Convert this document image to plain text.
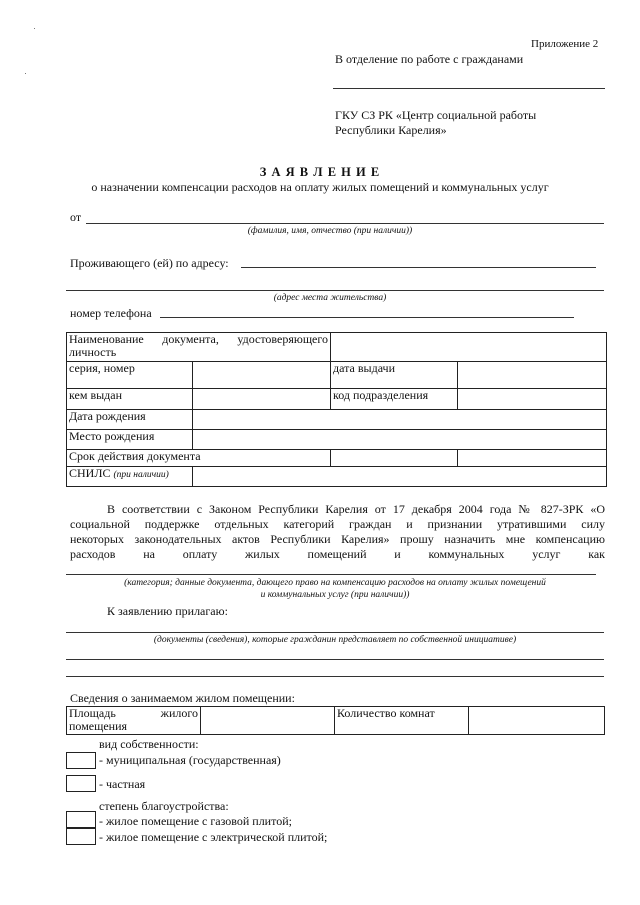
Приложение 2
В отделение по работе с гражданами
ГКУ СЗ РК «Центр социальной работы
Республики Карелия»
З А Я В Л Е Н И Е
о назначении компенсации расходов на оплату жилых помещений и коммунальных услуг
от
(фамилия, имя, отчество (при наличии))
Проживающего (ей) по адресу:
(адрес места жительства)
номер телефона
Наименование документа, удостоверяющего личность			
серия, номер		дата выдачи	
кем выдан		код подразделения	
Дата рождения			
Место рождения			
Срок действия документа			
СНИЛС (при наличии)			
В соответствии с Законом Республики Карелия от 17 декабря 2004 года № 827-ЗРК «О
социальной поддержке отдельных категорий граждан и признании утратившими силу
некоторых законодательных актов Республики Карелия» прошу назначить мне компенсацию
расходов на оплату жилых помещений и коммунальных услуг как
(категория; данные документа, дающего право на компенсацию расходов на оплату жилых помещений
и коммунальных услуг (при наличии))
К заявлению прилагаю:
(документы (сведения), которые гражданин представляет по собственной инициативе)
Сведения о занимаемом жилом помещении:
Площадь жилого помещения		Количество комнат	
вид собственности:
- муниципальная (государственная)
- частная
степень благоустройства:
- жилое помещение с газовой плитой;
- жилое помещение с электрической плитой;
